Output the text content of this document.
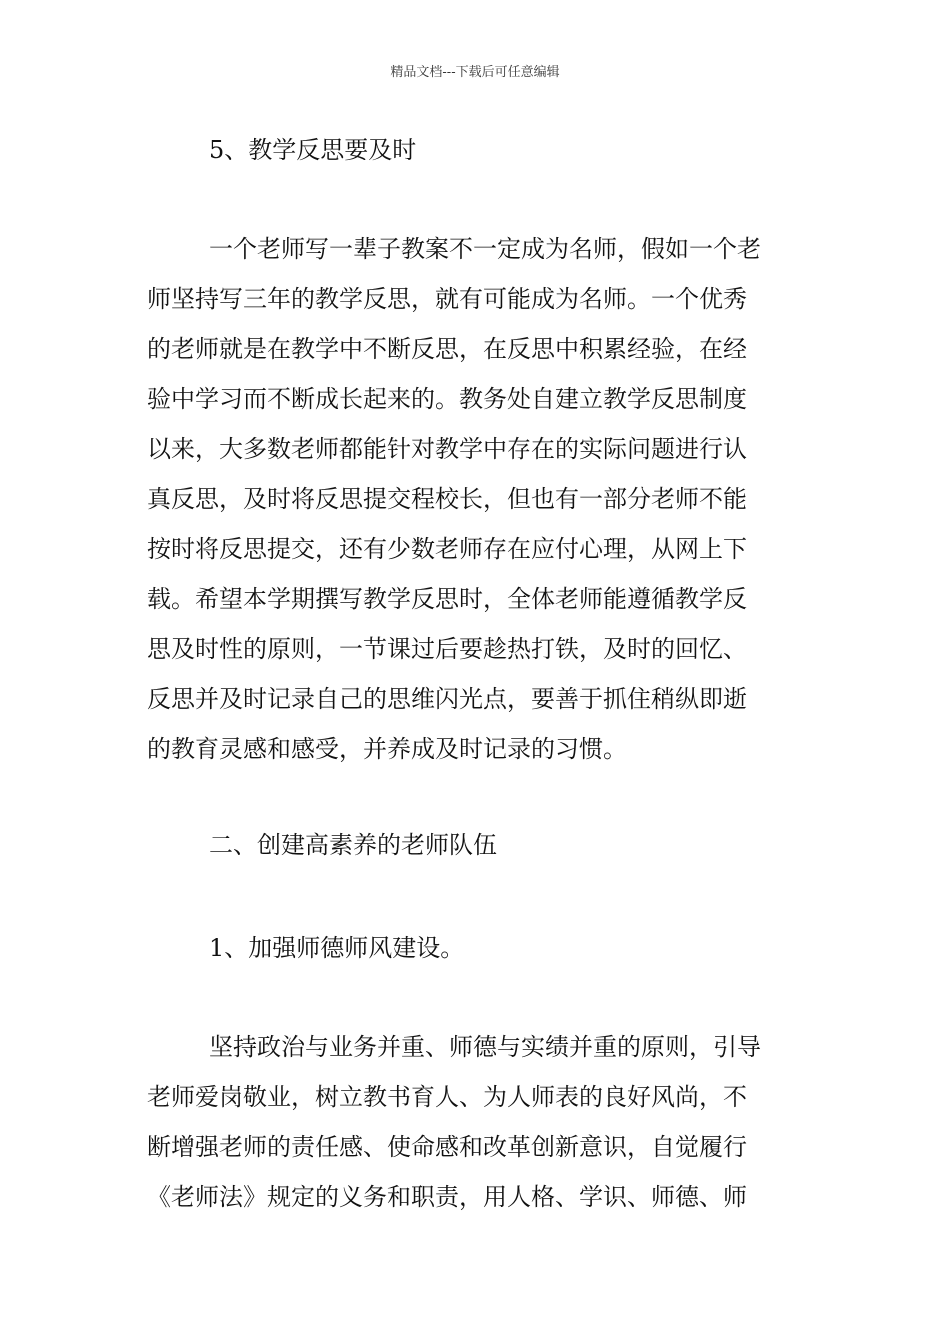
精品文档---下载后可任意编辑
5、教学反思要及时
一个老师写一辈子教案不一定成为名师，假如一个老
师坚持写三年的教学反思，就有可能成为名师。一个优秀
的老师就是在教学中不断反思，在反思中积累经验，在经
验中学习而不断成长起来的。教务处自建立教学反思制度
以来，大多数老师都能针对教学中存在的实际问题进行认
真反思，及时将反思提交程校长，但也有一部分老师不能
按时将反思提交，还有少数老师存在应付心理，从网上下
载。希望本学期撰写教学反思时，全体老师能遵循教学反
思及时性的原则，一节课过后要趁热打铁，及时的回忆、
反思并及时记录自己的思维闪光点，要善于抓住稍纵即逝
的教育灵感和感受，并养成及时记录的习惯。
二、创建高素养的老师队伍
1、加强师德师风建设。
坚持政治与业务并重、师德与实绩并重的原则，引导
老师爱岗敬业，树立教书育人、为人师表的良好风尚，不
断增强老师的责任感、使命感和改革创新意识，自觉履行
《老师法》规定的义务和职责，用人格、学识、师德、师
